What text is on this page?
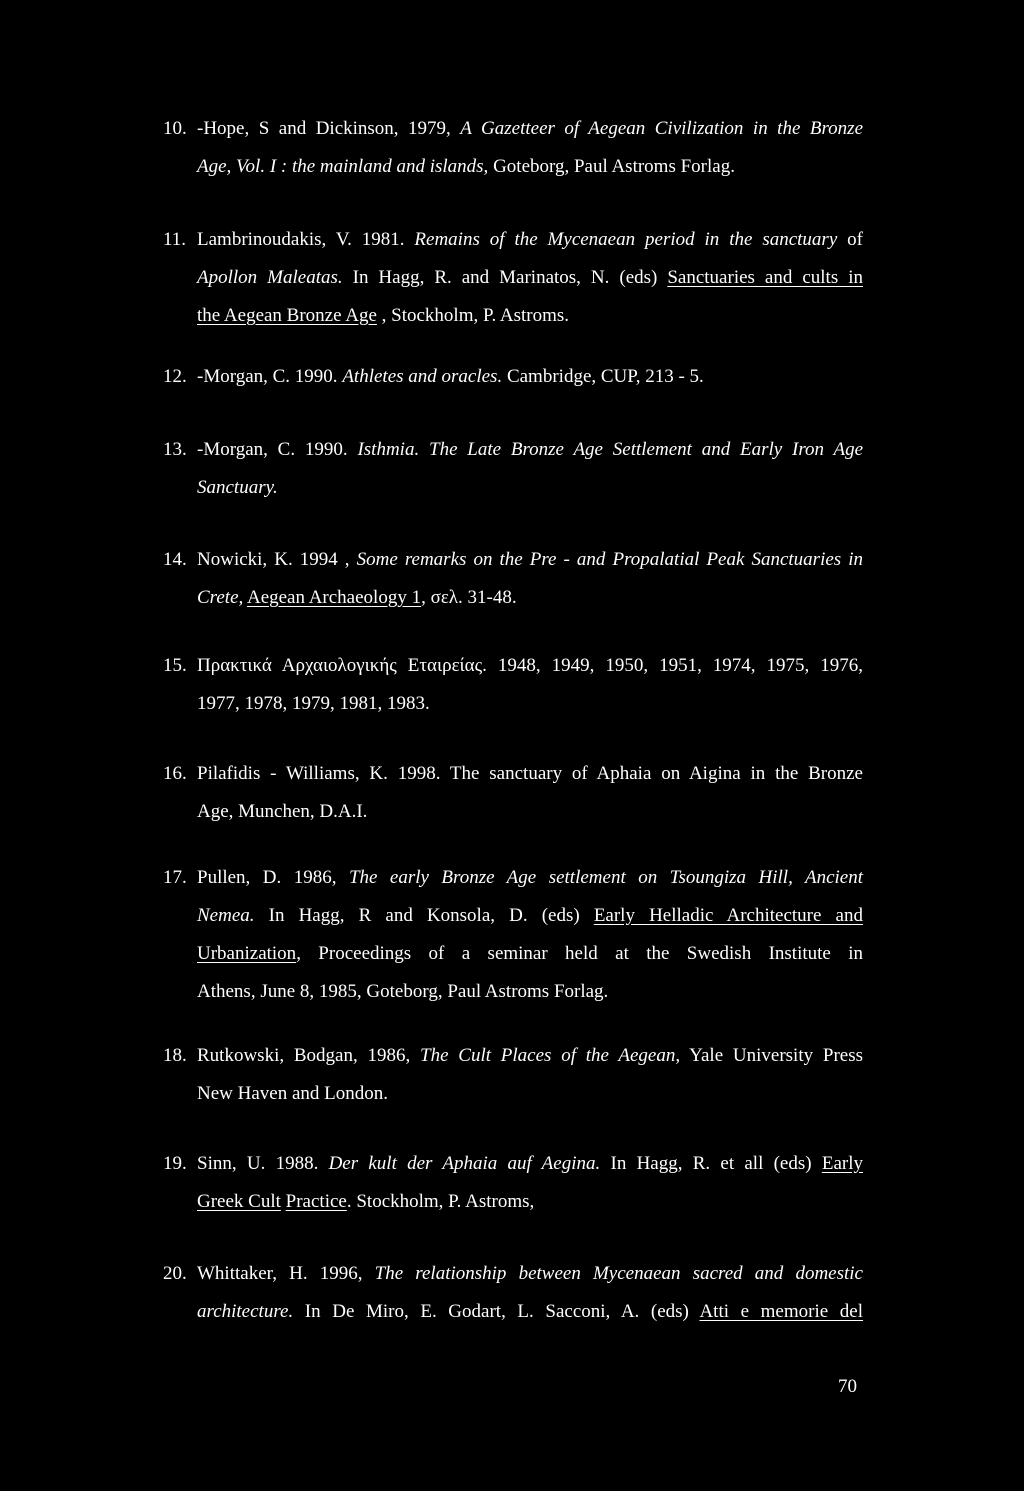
10. -Hope, S and Dickinson, 1979, A Gazetteer of Aegean Civilization in the Bronze
Age, Vol. I : the mainland and islands, Goteborg, Paul Astroms Forlag.
11. Lambrinoudakis, V. 1981. Remains of the Mycenaean period in the sanctuary of
Apollon Maleatas. In Hagg, R. and Marinatos, N. (eds) Sanctuaries and cults in
the Aegean Bronze Age , Stockholm, P. Astroms.
12. -Morgan, C. 1990. Athletes and oracles. Cambridge, CUP, 213 - 5.
13. -Morgan, C. 1990. Isthmia. The Late Bronze Age Settlement and Early Iron Age
Sanctuary.
14. Nowicki, K. 1994 , Some remarks on the Pre - and Propalatial Peak Sanctuaries in
Crete, Aegean Archaeology 1, σελ. 31-48.
15. Πρακτικά Αρχαιολογικής Εταιρείας. 1948, 1949, 1950, 1951, 1974, 1975, 1976,
1977, 1978, 1979, 1981, 1983.
16. Pilafidis - Williams, K. 1998. The sanctuary of Aphaia on Aigina in the Bronze
Age, Munchen, D.A.I.
17. Pullen, D. 1986, The early Bronze Age settlement on Tsoungiza Hill, Ancient
Nemea. In Hagg, R and Konsola, D. (eds) Early Helladic Architecture and
Urbanization, Proceedings of a seminar held at the Swedish Institute in
Athens, June 8, 1985, Goteborg, Paul Astroms Forlag.
18. Rutkowski, Bodgan, 1986, The Cult Places of the Aegean, Yale University Press
New Haven and London.
19. Sinn, U. 1988. Der kult der Aphaia auf Aegina. In Hagg, R. et all (eds) Early
Greek Cult Practice. Stockholm, P. Astroms,
20. Whittaker, H. 1996, The relationship between Mycenaean sacred and domestic
architecture. In De Miro, E. Godart, L. Sacconi, A. (eds) Atti e memorie del
70
